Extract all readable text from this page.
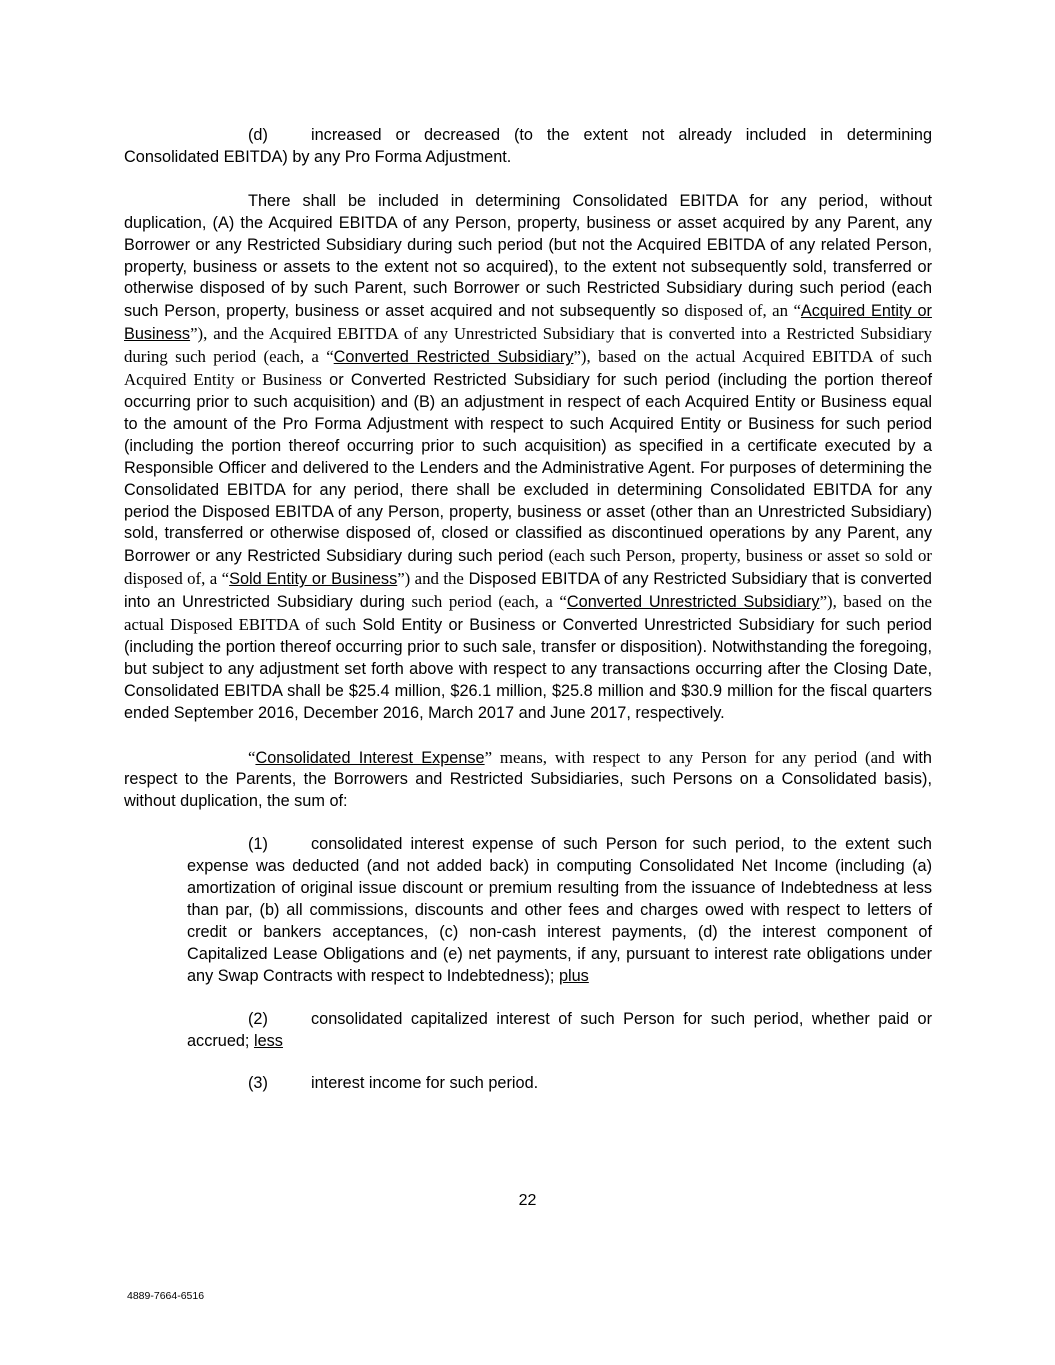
(d)	increased or decreased (to the extent not already included in determining Consolidated EBITDA) by any Pro Forma Adjustment.

There shall be included in determining Consolidated EBITDA for any period, without duplication, (A) the Acquired EBITDA of any Person, property, business or asset acquired by any Parent, any Borrower or any Restricted Subsidiary during such period (but not the Acquired EBITDA of any related Person, property, business or assets to the extent not so acquired), to the extent not subsequently sold, transferred or otherwise disposed of by such Parent, such Borrower or such Restricted Subsidiary during such period (each such Person, property, business or asset acquired and not subsequently so disposed of, an “Acquired Entity or Business”), and the Acquired EBITDA of any Unrestricted Subsidiary that is converted into a Restricted Subsidiary during such period (each, a “Converted Restricted Subsidiary”), based on the actual Acquired EBITDA of such Acquired Entity or Business or Converted Restricted Subsidiary for such period (including the portion thereof occurring prior to such acquisition) and (B) an adjustment in respect of each Acquired Entity or Business equal to the amount of the Pro Forma Adjustment with respect to such Acquired Entity or Business for such period (including the portion thereof occurring prior to such acquisition) as specified in a certificate executed by a Responsible Officer and delivered to the Lenders and the Administrative Agent. For purposes of determining the Consolidated EBITDA for any period, there shall be excluded in determining Consolidated EBITDA for any period the Disposed EBITDA of any Person, property, business or asset (other than an Unrestricted Subsidiary) sold, transferred or otherwise disposed of, closed or classified as discontinued operations by any Parent, any Borrower or any Restricted Subsidiary during such period (each such Person, property, business or asset so sold or disposed of, a “Sold Entity or Business”) and the Disposed EBITDA of any Restricted Subsidiary that is converted into an Unrestricted Subsidiary during such period (each, a “Converted Unrestricted Subsidiary”), based on the actual Disposed EBITDA of such Sold Entity or Business or Converted Unrestricted Subsidiary for such period (including the portion thereof occurring prior to such sale, transfer or disposition). Notwithstanding the foregoing, but subject to any adjustment set forth above with respect to any transactions occurring after the Closing Date, Consolidated EBITDA shall be $25.4 million, $26.1 million, $25.8 million and $30.9 million for the fiscal quarters ended September 2016, December 2016, March 2017 and June 2017, respectively.

“Consolidated Interest Expense” means, with respect to any Person for any period (and with respect to the Parents, the Borrowers and Restricted Subsidiaries, such Persons on a Consolidated basis), without duplication, the sum of:

(1)	consolidated interest expense of such Person for such period, to the extent such expense was deducted (and not added back) in computing Consolidated Net Income (including (a) amortization of original issue discount or premium resulting from the issuance of Indebtedness at less than par, (b) all commissions, discounts and other fees and charges owed with respect to letters of credit or bankers acceptances, (c) non-cash interest payments, (d) the interest component of Capitalized Lease Obligations and (e) net payments, if any, pursuant to interest rate obligations under any Swap Contracts with respect to Indebtedness); plus

(2)	consolidated capitalized interest of such Person for such period, whether paid or accrued; less

(3)	interest income for such period.

22
4889-7664-6516
